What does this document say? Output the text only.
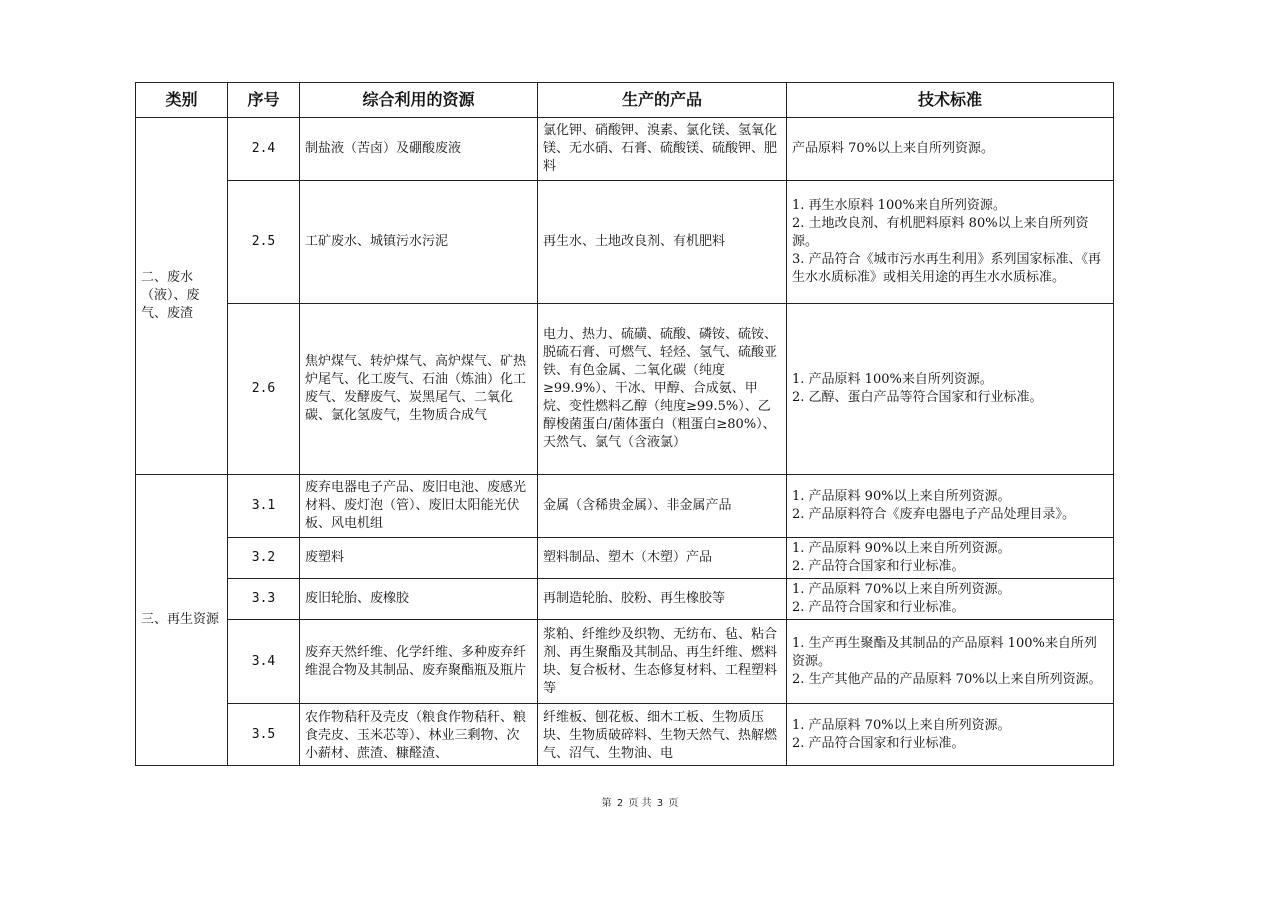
类别	序号	综合利用的资源	生产的产品	技术标准
二、废水（液）、废气、废渣	2.4	制盐液（苦卤）及硼酸废液	氯化钾、硝酸钾、溴素、氯化镁、氢氧化镁、无水硝、石膏、硫酸镁、硫酸钾、肥料	产品原料 70%以上来自所列资源。

	2.5	工矿废水、城镇污水污泥	再生水、土地改良剂、有机肥料	1. 再生水原料 100%来自所列资源。
2. 土地改良剂、有机肥料原料 80%以上来自所列资源。
3. 产品符合《城市污水再生利用》系列国家标准、《再生水水质标准》或相关用途的再生水水质标准。

	2.6	焦炉煤气、转炉煤气、高炉煤气、矿热炉尾气、化工废气、石油（炼油）化工废气、发酵废气、炭黑尾气、二氧化碳、氯化氢废气，生物质合成气	电力、热力、硫磺、硫酸、磷铵、硫铵、脱硫石膏、可燃气、轻烃、氢气、硫酸亚铁、有色金属、二氧化碳（纯度≥99.9%）、干冰、甲醇、合成氨、甲烷、变性燃料乙醇（纯度≥99.5%）、乙醇梭菌蛋白/菌体蛋白（粗蛋白≥80%）、天然气、氯气（含液氯）	1. 产品原料 100%来自所列资源。
2. 乙醇、蛋白产品等符合国家和行业标准。

三、再生资源	3.1	废弃电器电子产品、废旧电池、废感光材料、废灯泡（管）、废旧太阳能光伏板、风电机组	金属（含稀贵金属）、非金属产品	1. 产品原料 90%以上来自所列资源。
2. 产品原料符合《废弃电器电子产品处理目录》。

	3.2	废塑料	塑料制品、塑木（木塑）产品	1. 产品原料 90%以上来自所列资源。
2. 产品符合国家和行业标准。

	3.3	废旧轮胎、废橡胶	再制造轮胎、胶粉、再生橡胶等	1. 产品原料 70%以上来自所列资源。
2. 产品符合国家和行业标准。

	3.4	废弃天然纤维、化学纤维、多种废弃纤维混合物及其制品、废弃聚酯瓶及瓶片	浆粕、纤维纱及织物、无纺布、毡、粘合剂、再生聚酯及其制品、再生纤维、燃料块、复合板材、生态修复材料、工程塑料等	1. 生产再生聚酯及其制品的产品原料 100%来自所列资源。
2. 生产其他产品的产品原料 70%以上来自所列资源。

	3.5	农作物秸秆及壳皮（粮食作物秸秆、粮食壳皮、玉米芯等）、林业三剩物、次小薪材、蔗渣、糠醛渣、	纤维板、刨花板、细木工板、生物质压块、生物质破碎料、生物天然气、热解燃气、沼气、生物油、电	1. 产品原料 70%以上来自所列资源。
2. 产品符合国家和行业标准。
第 2 页 共 3 页
